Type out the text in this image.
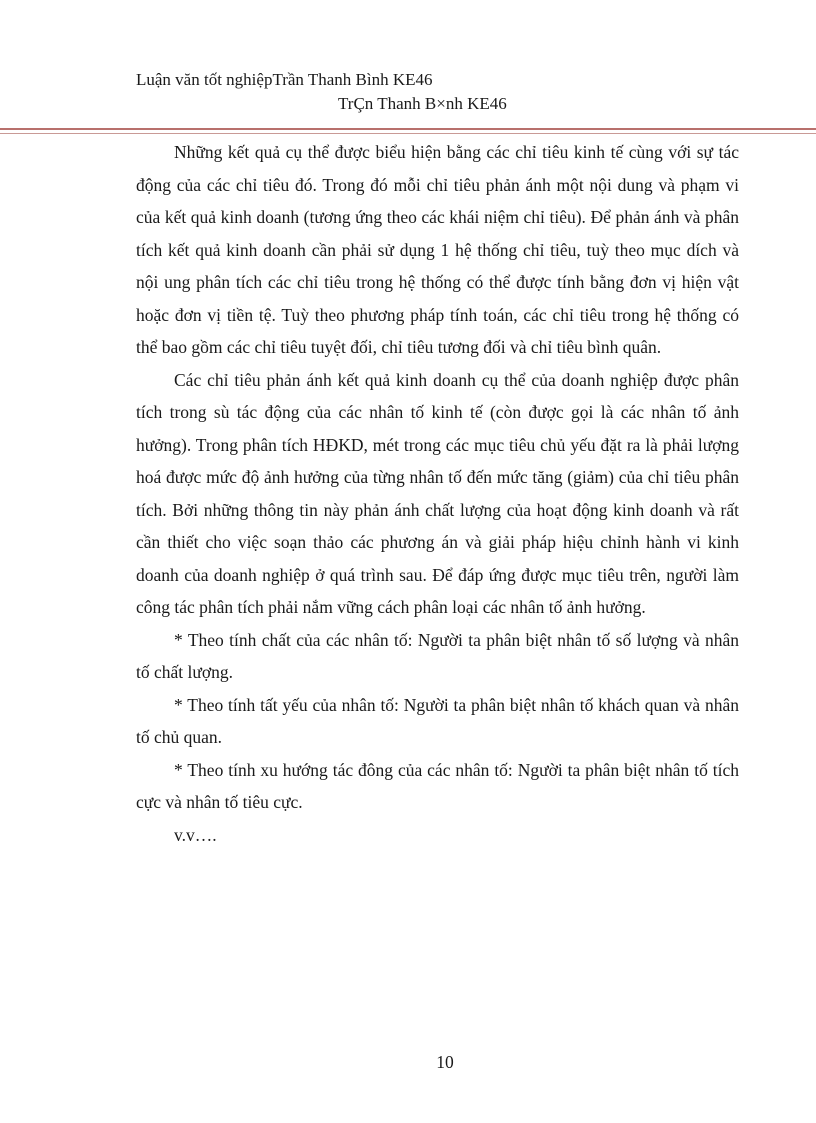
Luận văn tốt nghiệpTrần Thanh Bình KE46
TrÇn Thanh B×nh KE46

Những kết quả cụ thể được biểu hiện bằng các chỉ tiêu kinh tế cùng với sự tác động của các chỉ tiêu đó. Trong đó mỗi chỉ tiêu phản ánh một nội dung và phạm vi của kết quả kinh doanh (tương ứng theo các khái niệm chỉ tiêu). Để phản ánh và phân tích kết quả kinh doanh cần phải sử dụng 1 hệ thống chỉ tiêu, tuỳ theo mục dích và nội ung phân tích các chỉ tiêu trong hệ thống có thể được tính bằng đơn vị hiện vật hoặc đơn vị tiền tệ. Tuỳ theo phương pháp tính toán, các chỉ tiêu trong hệ thống có thể bao gồm các chỉ tiêu tuyệt đối, chỉ tiêu tương đối và chỉ tiêu bình quân.

Các chỉ tiêu phản ánh kết quả kinh doanh cụ thể của doanh nghiệp được phân tích trong sù tác động của các nhân tố kinh tế (còn được gọi là các nhân tố ảnh hưởng). Trong phân tích HĐKD, mét trong các mục tiêu chủ yếu đặt ra là phải lượng hoá được mức độ ảnh hưởng của từng nhân tố đến mức tăng (giảm) của chỉ tiêu phân tích. Bởi những thông tin này phản ánh chất lượng của hoạt động kinh doanh và rất cần thiết cho việc soạn thảo các phương án và giải pháp hiệu chỉnh hành vi kinh doanh của doanh nghiệp ở quá trình sau. Để đáp ứng được mục tiêu trên, người làm công tác phân tích phải nắm vững cách phân loại các nhân tố ảnh hưởng.

* Theo tính chất của các nhân tố: Người ta phân biệt nhân tố số lượng và nhân tố chất lượng.

* Theo tính tất yếu của nhân tố: Người ta phân biệt nhân tố khách quan và nhân tố chủ quan.

* Theo tính xu hướng tác đông của các nhân tố: Người ta phân biệt nhân tố tích cực và nhân tố tiêu cực.

v.v….

10
